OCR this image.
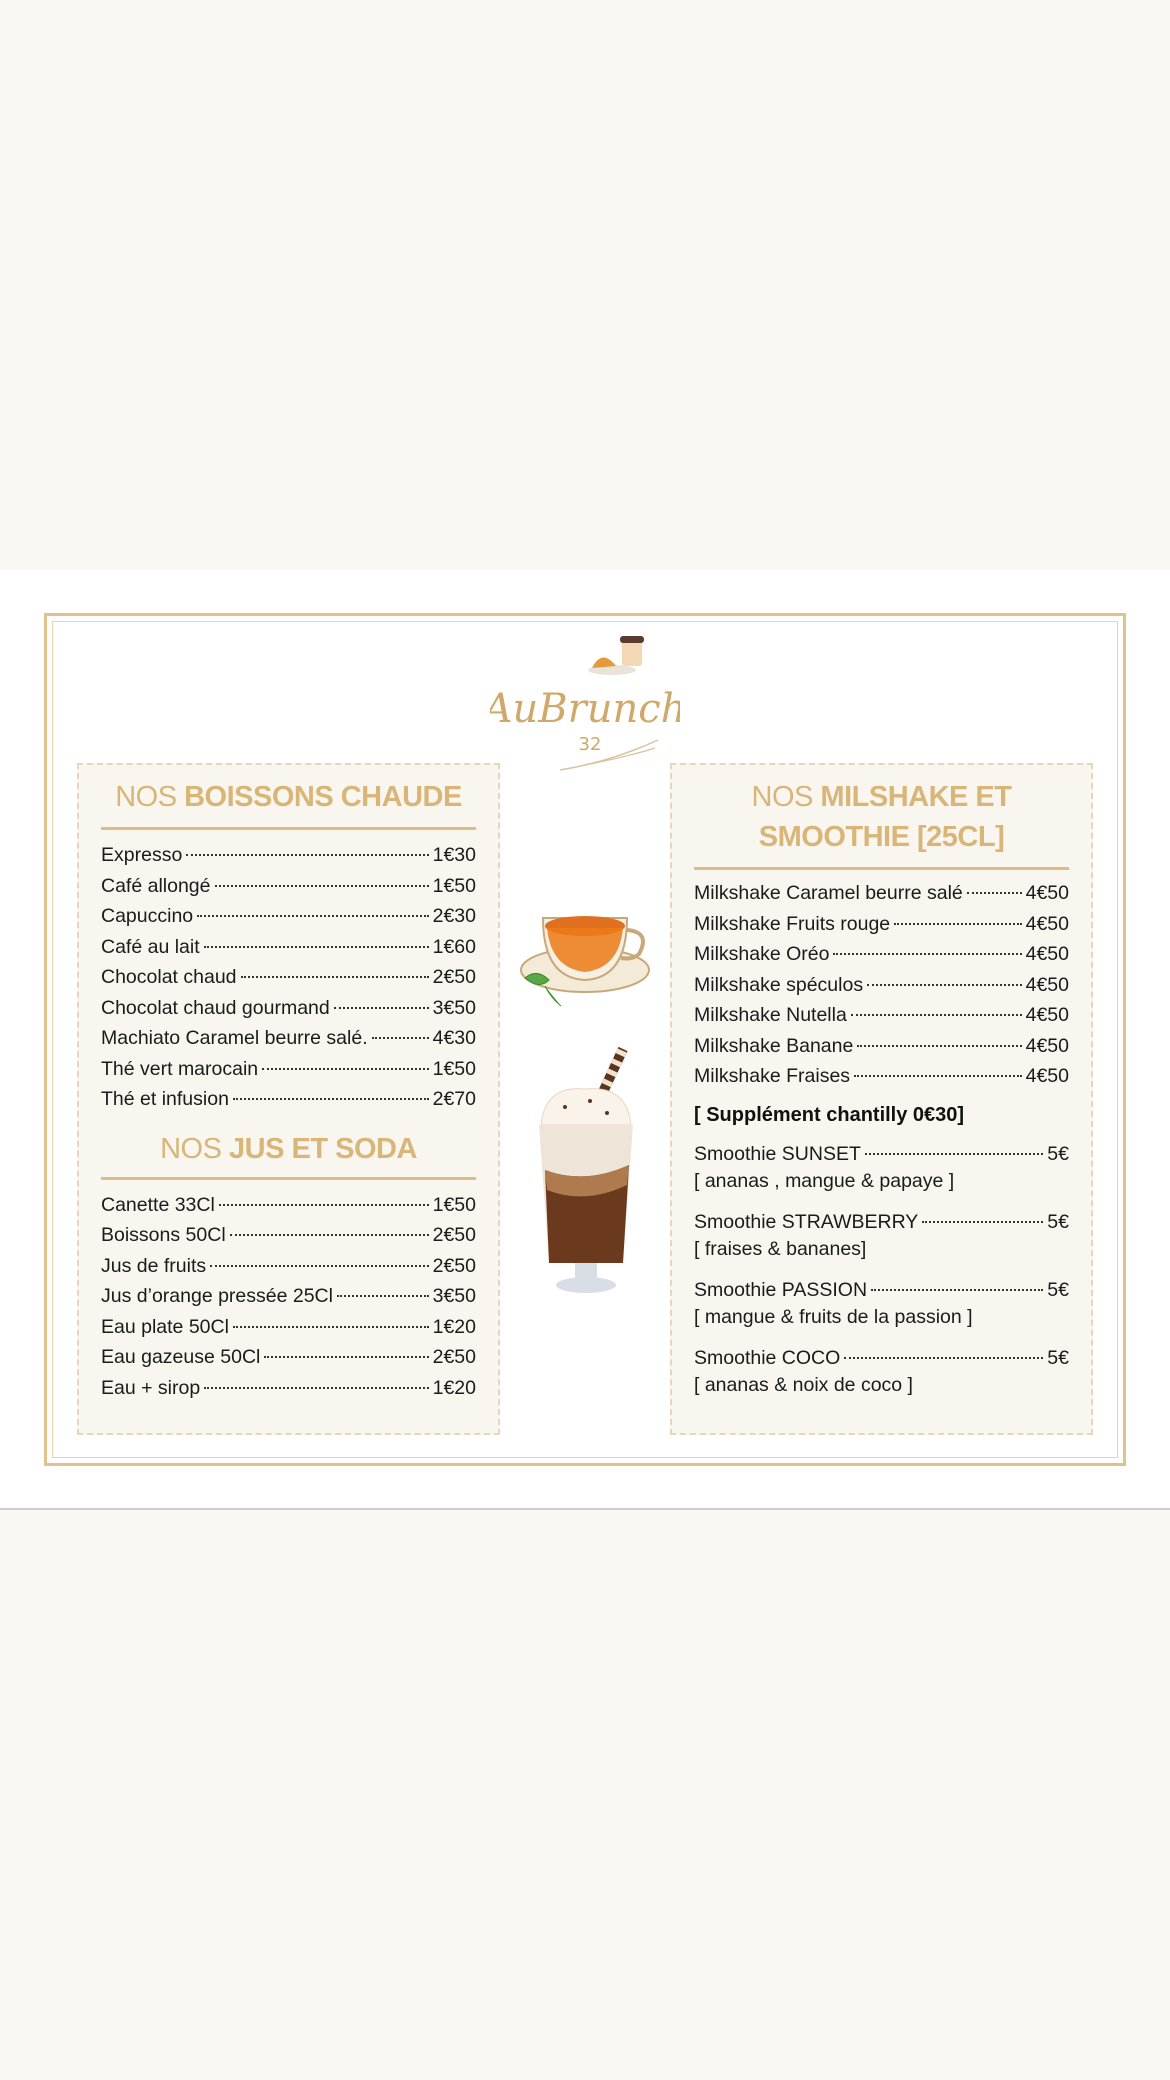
AuBrunch
32
NOS BOISSONS CHAUDE
Expresso	1€30
Café allongé	1€50
Capuccino	2€30
Café au lait	1€60
Chocolat chaud	2€50
Chocolat chaud gourmand	3€50
Machiato Caramel beurre salé.	4€30
Thé vert marocain	1€50
Thé et infusion	2€70
NOS JUS ET SODA
Canette 33Cl	1€50
Boissons 50Cl	2€50
Jus de fruits	2€50
Jus d’orange pressée 25Cl	3€50
Eau plate 50Cl	1€20
Eau gazeuse 50Cl	2€50
Eau + sirop	1€20
NOS MILSHAKE ET
SMOOTHIE [25CL]
Milkshake Caramel beurre salé	4€50
Milkshake Fruits rouge	4€50
Milkshake Oréo	4€50
Milkshake spéculos	4€50
Milkshake Nutella	4€50
Milkshake Banane	4€50
Milkshake Fraises	4€50
[ Supplément chantilly 0€30]
Smoothie SUNSET	5€
[ ananas , mangue & papaye ]
Smoothie STRAWBERRY	5€
[ fraises & bananes]
Smoothie PASSION	5€
[ mangue & fruits de la passion ]
Smoothie COCO	5€
[ ananas & noix de coco ]
